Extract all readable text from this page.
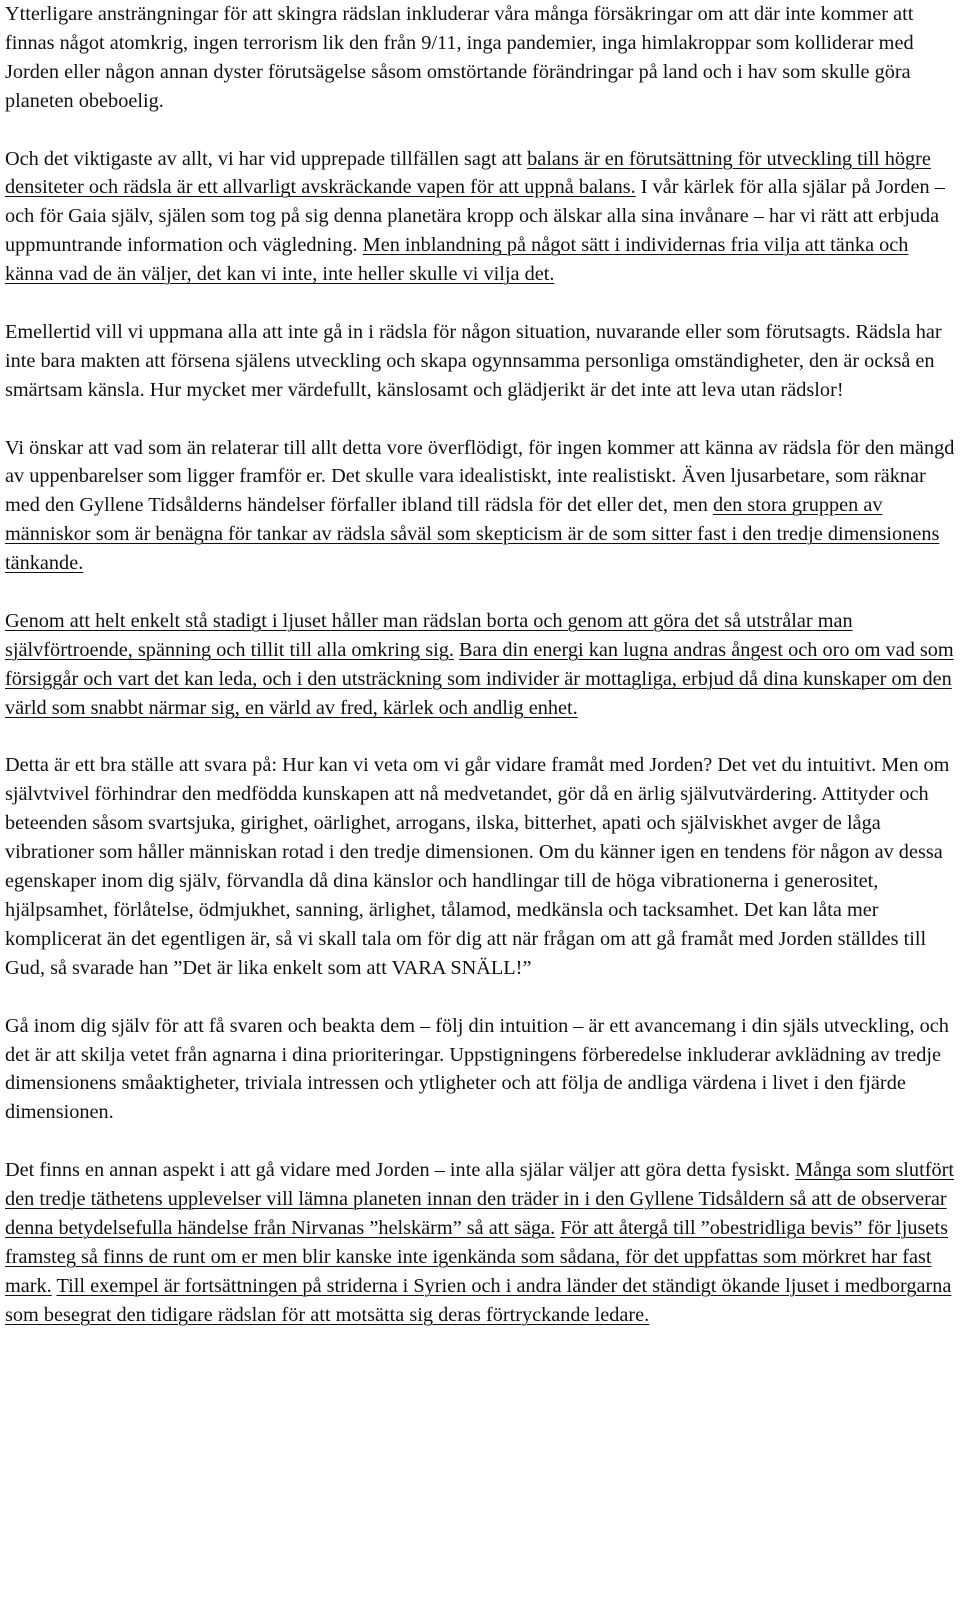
Ytterligare ansträngningar för att skingra rädslan inkluderar våra många försäkringar om att där inte kommer att finnas något atomkrig, ingen terrorism lik den från 9/11, inga pandemier, inga himlakroppar som kolliderar med Jorden eller någon annan dyster förutsägelse såsom omstörtande förändringar på land och i hav som skulle göra planeten obeboelig.

Och det viktigaste av allt, vi har vid upprepade tillfällen sagt att balans är en förutsättning för utveckling till högre densiteter och rädsla är ett allvarligt avskräckande vapen för att uppnå balans. I vår kärlek för alla själar på Jorden – och för Gaia själv, själen som tog på sig denna planetära kropp och älskar alla sina invånare – har vi rätt att erbjuda uppmuntrande information och vägledning. Men inblandning på något sätt i individernas fria vilja att tänka och känna vad de än väljer, det kan vi inte, inte heller skulle vi vilja det.

Emellertid vill vi uppmana alla att inte gå in i rädsla för någon situation, nuvarande eller som förutsagts. Rädsla har inte bara makten att försena själens utveckling och skapa ogynnsamma personliga omständigheter, den är också en smärtsam känsla. Hur mycket mer värdefullt, känslosamt och glädjerikt är det inte att leva utan rädslor!

Vi önskar att vad som än relaterar till allt detta vore överflödigt, för ingen kommer att känna av rädsla för den mängd av uppenbarelser som ligger framför er. Det skulle vara idealistiskt, inte realistiskt. Även ljusarbetare, som räknar med den Gyllene Tidsålderns händelser förfaller ibland till rädsla för det eller det, men den stora gruppen av människor som är benägna för tankar av rädsla såväl som skepticism är de som sitter fast i den tredje dimensionens tänkande.

Genom att helt enkelt stå stadigt i ljuset håller man rädslan borta och genom att göra det så utstrålar man självförtroende, spänning och tillit till alla omkring sig. Bara din energi kan lugna andras ångest och oro om vad som försiggår och vart det kan leda, och i den utsträckning som individer är mottagliga, erbjud då dina kunskaper om den värld som snabbt närmar sig, en värld av fred, kärlek och andlig enhet.

Detta är ett bra ställe att svara på: Hur kan vi veta om vi går vidare framåt med Jorden? Det vet du intuitivt. Men om självtvivel förhindrar den medfödda kunskapen att nå medvetandet, gör då en ärlig självutvärdering. Attityder och beteenden såsom svartsjuka, girighet, oärlighet, arrogans, ilska, bitterhet, apati och själviskhet avger de låga vibrationer som håller människan rotad i den tredje dimensionen. Om du känner igen en tendens för någon av dessa egenskaper inom dig själv, förvandla då dina känslor och handlingar till de höga vibrationerna i generositet, hjälpsamhet, förlåtelse, ödmjukhet, sanning, ärlighet, tålamod, medkänsla och tacksamhet. Det kan låta mer komplicerat än det egentligen är, så vi skall tala om för dig att när frågan om att gå framåt med Jorden ställdes till Gud, så svarade han ”Det är lika enkelt som att VARA SNÄLL!”

Gå inom dig själv för att få svaren och beakta dem – följ din intuition – är ett avancemang i din själs utveckling, och det är att skilja vetet från agnarna i dina prioriteringar. Uppstigningens förberedelse inkluderar avklädning av tredje dimensionens småaktigheter, triviala intressen och ytligheter och att följa de andliga värdena i livet i den fjärde dimensionen.

Det finns en annan aspekt i att gå vidare med Jorden – inte alla själar väljer att göra detta fysiskt. Många som slutfört den tredje täthetens upplevelser vill lämna planeten innan den träder in i den Gyllene Tidsåldern så att de observerar denna betydelsefulla händelse från Nirvanas ”helskärm” så att säga. För att återgå till ”obestridliga bevis” för ljusets framsteg så finns de runt om er men blir kanske inte igenkända som sådana, för det uppfattas som mörkret har fast mark. Till exempel är fortsättningen på striderna i Syrien och i andra länder det ständigt ökande ljuset i medborgarna som besegrat den tidigare rädslan för att motsätta sig deras förtryckande ledare.
